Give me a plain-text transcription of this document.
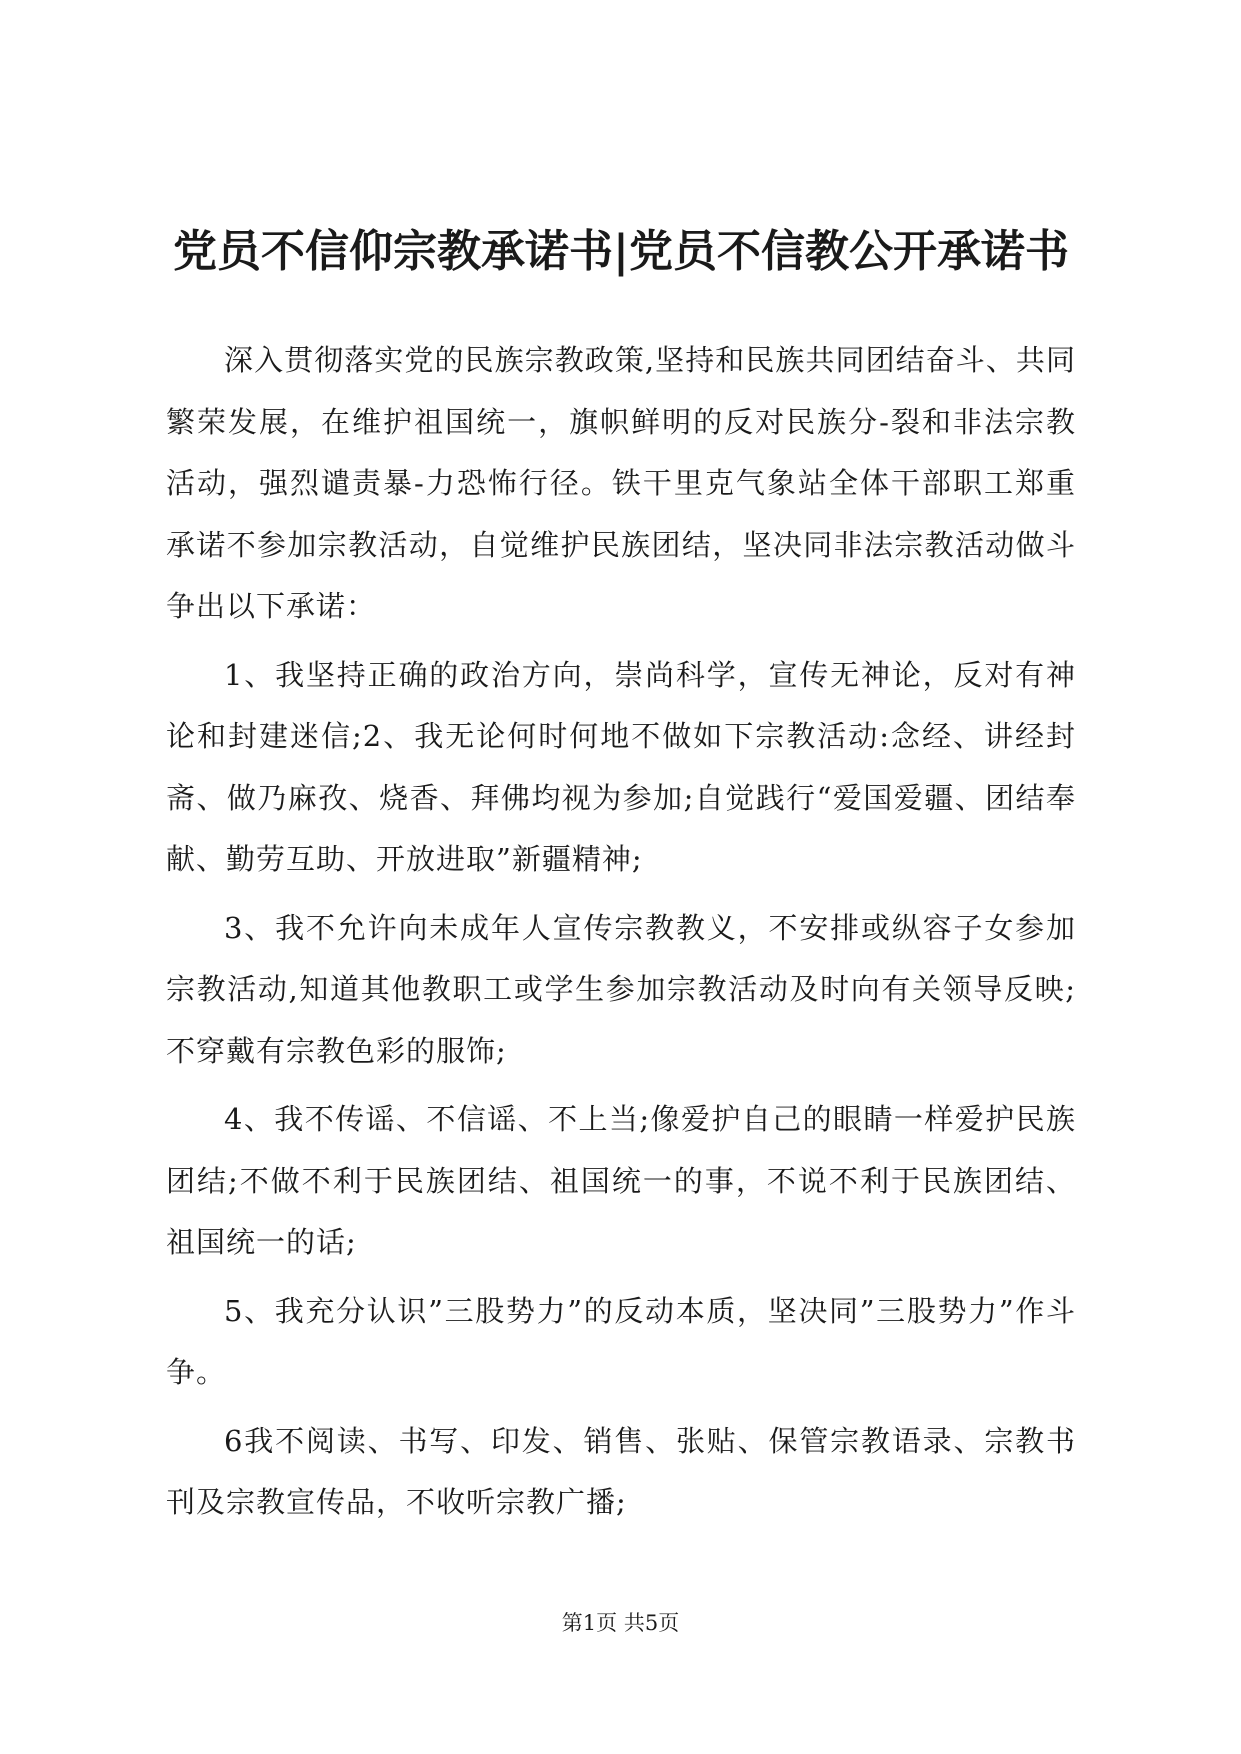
党员不信仰宗教承诺书|党员不信教公开承诺书

深入贯彻落实党的民族宗教政策,坚持和民族共同团结奋斗、共同繁荣发展，在维护祖国统一，旗帜鲜明的反对民族分-裂和非法宗教活动，强烈谴责暴-力恐怖行径。铁干里克气象站全体干部职工郑重承诺不参加宗教活动，自觉维护民族团结，坚决同非法宗教活动做斗争出以下承诺：

1、我坚持正确的政治方向，崇尚科学，宣传无神论，反对有神论和封建迷信;2、我无论何时何地不做如下宗教活动:念经、讲经封斋、做乃麻孜、烧香、拜佛均视为参加;自觉践行“爱国爱疆、团结奉献、勤劳互助、开放进取”新疆精神;

3、我不允许向未成年人宣传宗教教义，不安排或纵容子女参加宗教活动,知道其他教职工或学生参加宗教活动及时向有关领导反映;不穿戴有宗教色彩的服饰;

4、我不传谣、不信谣、不上当;像爱护自己的眼睛一样爱护民族团结;不做不利于民族团结、祖国统一的事，不说不利于民族团结、祖国统一的话;

5、我充分认识”三股势力”的反动本质，坚决同”三股势力”作斗争。

6我不阅读、书写、印发、销售、张贴、保管宗教语录、宗教书刊及宗教宣传品，不收听宗教广播;

第1页 共5页
